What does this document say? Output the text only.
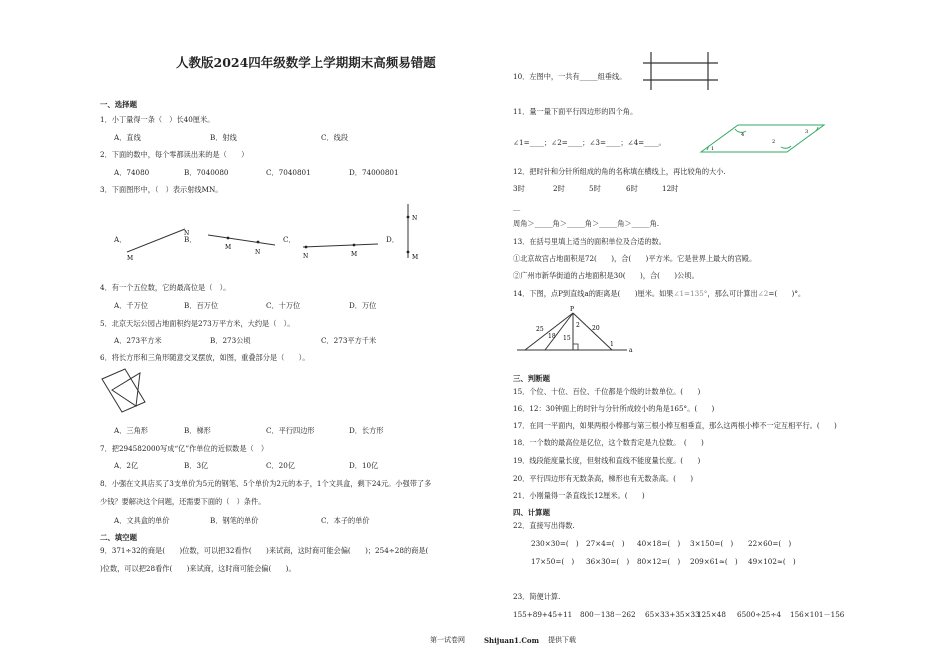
人教版2024四年级数学上学期期末高频易错题
一、选择题
1．小丁量得一条（　）长40厘米。
A．直线	B．射线	C．线段
2．下面的数中，每个零都读出来的是（　　）
A．74080	B．7040080	C．7040801	D．74000801
3．下面图形中，（　）表示射线MN。
A．	B．	C．	D．
M
N
M
N
N	M
N
M
1
2
3
4
P
25
18
2 20
15
1
a
4．有一个五位数，它的最高位是（　）。
A．千万位	B．百万位	C．十万位	D．万位
5．北京天坛公园占地面积约是273万平方米，大约是（　）。
A．273平方米	B．273公顷	C．273平方千米
6．将长方形和三角形随意交叉摆放，如图，重叠部分是（　　）。
A．三角形	B．梯形	C．平行四边形	D．长方形
7．把294582000写成“亿”作单位的近似数是（　）
A．2亿	B．3亿	C．20亿	D．10亿
8．小强在文具店买了3支单价为5元的钢笔、5个单价为2元的本子，1个文具盒，剩下24元。小强带了多
少钱？要解决这个问题，还需要下面的（　）条件。
A．文具盒的单价	B．钢笔的单价	C．本子的单价
二、填空题
9．371÷32的商是(　　)位数，可以把32看作(　　)来试商，这时商可能会偏(　　)；254÷28的商是(
)位数，可以把28看作(　　)来试商，这时商可能会偏(　　)。
10．左图中，一共有_____组垂线。
11．量一量下面平行四边形的四个角。
∠1=____；∠2=____；∠3=____；∠4=____。
12．把时针和分针所组成的角的名称填在横线上，再比较角的大小.
3时	2时	5时	6时	12时
__
周角＞_____角＞_____角＞_____角＞_____角.
13．在括号里填上适当的面积单位及合适的数。
①北京故宫占地面积是72(　　)，合(　　)平方米。它是世界上最大的宫殿。
②广州市新华街道的占地面积是30(　　)，合(　　)公顷。
14．下图，点P到直线a的距离是(　　)厘米。如果∠1=135°，那么可计算出∠2=(　　)°。
三、判断题
15．个位、十位、百位、千位都是个级的计数单位。(　　)
16．12：30钟面上的时针与分针所成较小的角是165°。(　　)
17．在同一平面内，如果两根小棒都与第三根小棒互相垂直，那么这两根小棒不一定互相平行。(　　)
18．一个数的最高位是亿位，这个数肯定是九位数。　(　　)
19．线段能度量长度，但射线和直线不能度量长度。(　　)
20．平行四边形有无数条高，梯形也有无数条高。(　　)
21．小刚量得一条直线长12厘米。(　　)
四、计算题
22．直接写出得数.
230×30=(　) 27×4=(　) 40×18=(　) 3×150=(　) 22×60=(　)
17×50=(　) 36×30=(　) 80×12=(　) 209×61≈(　) 49×102≈(　)
23．简便计算.
155+89+45+11 800－138－262 65×33+35×33
125×48 6500÷25÷4 156×101－156
第一试卷网	Shijuan1.Com 提供下载
